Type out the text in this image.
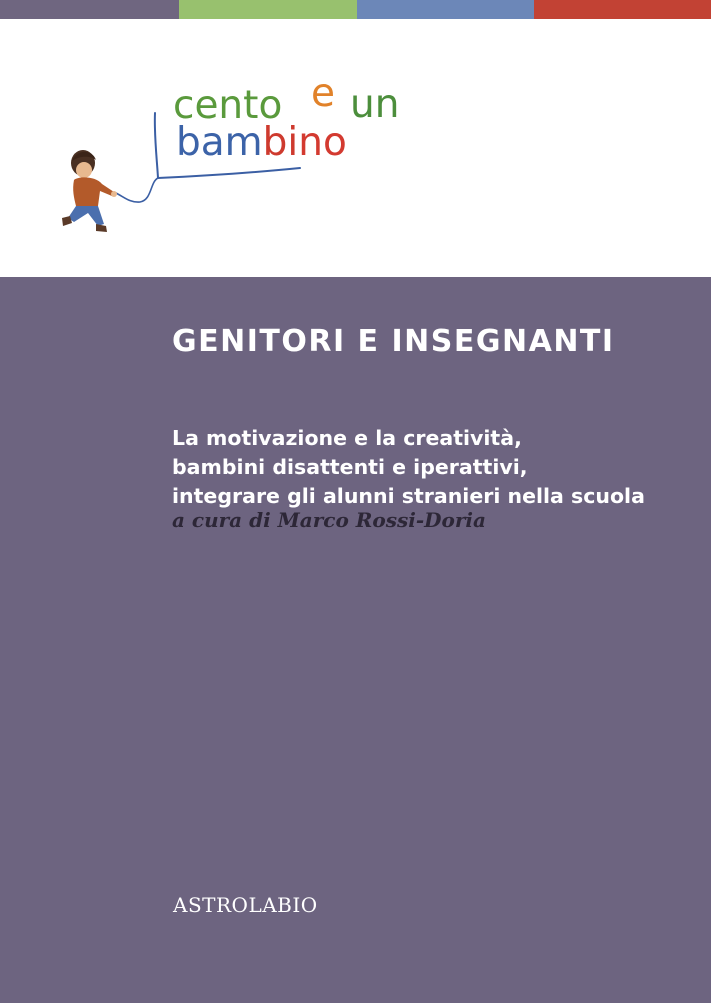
cento e un
bambino
GENITORI E INSEGNANTI
La motivazione e la creatività,
bambini disattenti e iperattivi,
integrare gli alunni stranieri nella scuola

a cura di Marco Rossi-Doria

ASTROLABIO
